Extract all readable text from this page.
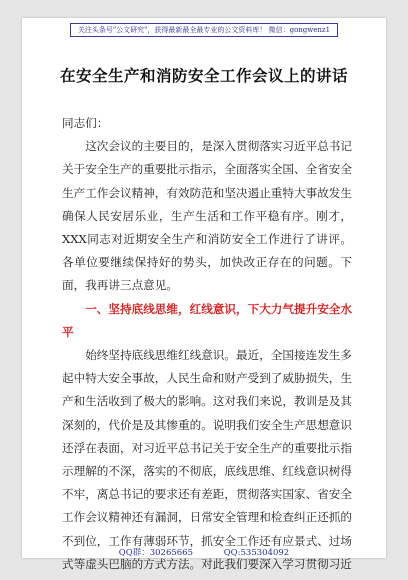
关注头条号"公文研究"，获得最新最全最专业的公文资料库！ 微信：gongwenz1
在安全生产和消防安全工作会议上的讲话

同志们：

这次会议的主要目的，是深入贯彻落实习近平总书记关于安全生产的重要批示指示，全面落实全国、全省安全生产工作会议精神，有效防范和坚决遏止重特大事故发生确保人民安居乐业，生产生活和工作平稳有序。刚才，XXX同志对近期安全生产和消防安全工作进行了讲评。各单位要继续保持好的势头，加快改正存在的问题。下面，我再讲三点意见。

一、坚持底线思维，红线意识，下大力气提升安全水平

始终坚持底线思维红线意识。最近，全国接连发生多起中特大安全事故，人民生命和财产受到了威胁损失，生产和生活收到了极大的影响。这对我们来说，教训是及其深刻的，代价是及其惨重的。说明我们安全生产思想意识还浮在表面，对习近平总书记关于安全生产的重要批示指示理解的不深，落实的不彻底，底线思维、红线意识树得不牢，离总书记的要求还有差距，贯彻落实国家、省安全工作会议精神还有漏洞，日常安全管理和检查纠正还抓的不到位，工作有薄弱环节，抓安全工作还有应景式、过场式等虚头巴脑的方式方法。对此我们要深入学习贯彻习近

QQ群：30265665	QQ:535304092
